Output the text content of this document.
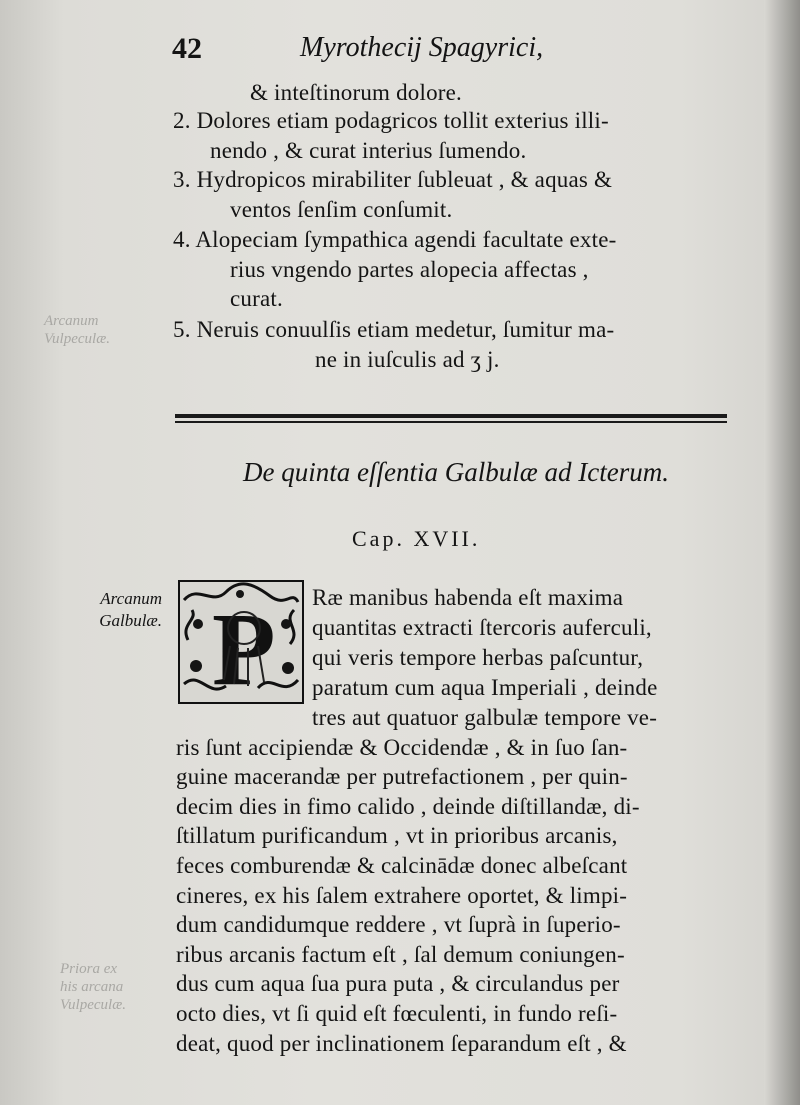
Arcanum
Vulpeculæ.
Priora ex
his arcana
Vulpeculæ.
42	Myrothecij Spagyrici,
& inteſtinorum dolore.
2. Dolores etiam podagricos tollit exterius illi-
nendo , & curat interius ſumendo.
3. Hydropicos mirabiliter ſubleuat , & aquas &
ventos ſenſim conſumit.
4. Alopeciam ſympathica agendi facultate exte-
rius vngendo partes alopecia affectas ,
curat.
5. Neruis conuulſis etiam medetur, ſumitur ma-
ne in iuſculis ad ʒ j.
De quinta eſſentia Galbulæ ad Icterum.
Cap. XVII.
Arcanum Galbulæ. P Ræ manibus habenda eſt maxima
quantitas extracti ſtercoris auferculi,
qui veris tempore herbas paſcuntur,
paratum cum aqua Imperiali , deinde
tres aut quatuor galbulæ tempore ve-
ris ſunt accipiendæ & Occidendæ , & in ſuo ſan-
guine macerandæ per putrefactionem , per quin-
decim dies in fimo calido , deinde diſtillandæ, di-
ſtillatum purificandum , vt in prioribus arcanis,
feces comburendæ & calcinādæ donec albeſcant
cineres, ex his ſalem extrahere oportet, & limpi-
dum candidumque reddere , vt ſuprà in ſuperio-
ribus arcanis factum eſt , ſal demum coniungen-
dus cum aqua ſua pura puta , & circulandus per
octo dies, vt ſi quid eſt fœculenti, in fundo reſi-
deat, quod per inclinationem ſeparandum eſt , &
